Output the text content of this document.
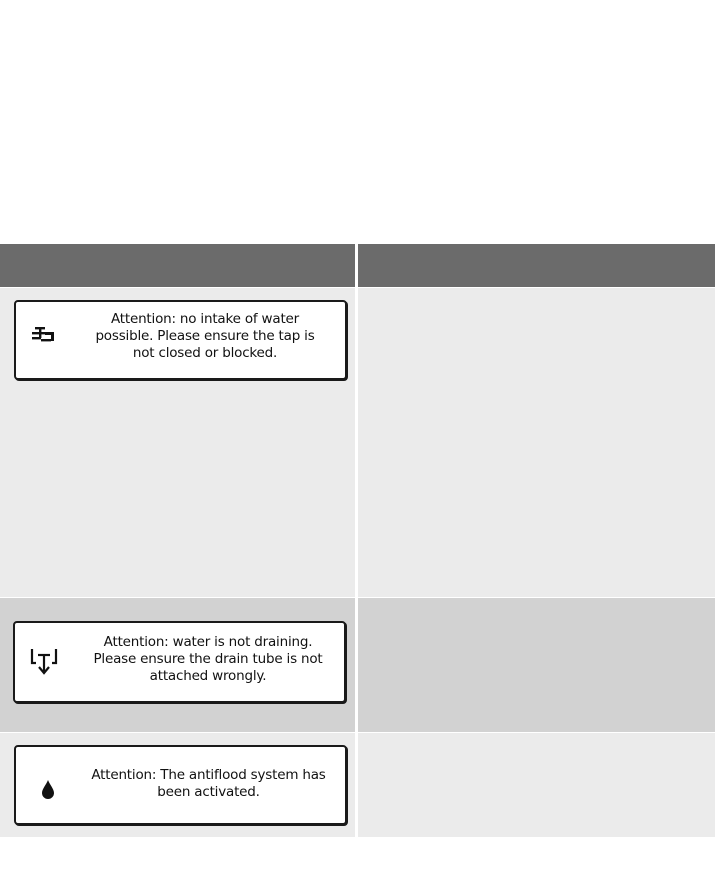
Attention: no intake of water
possible. Please ensure the tap is
not closed or blocked.
Attention: water is not draining.
Please ensure the drain tube is not
attached wrongly.
Attention: The antiflood system has
been activated.
